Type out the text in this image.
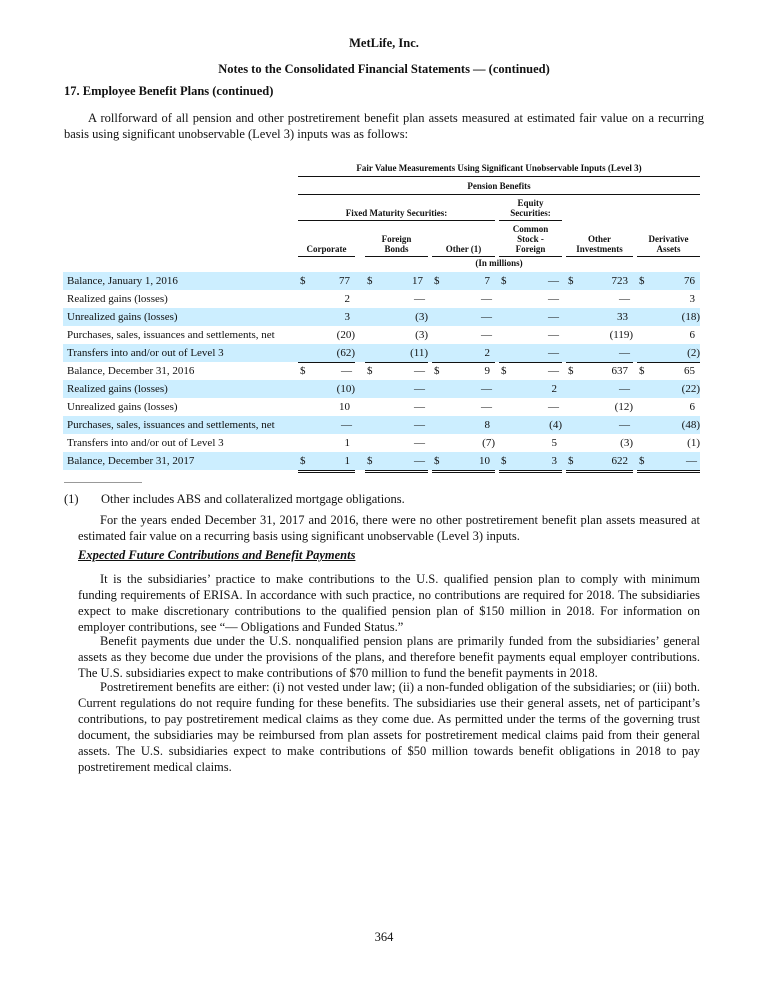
MetLife, Inc.
Notes to the Consolidated Financial Statements — (continued)
17. Employee Benefit Plans (continued)
A rollforward of all pension and other postretirement benefit plan assets measured at estimated fair value on a recurring basis using significant unobservable (Level 3) inputs was as follows:
Fair Value Measurements Using Significant Unobservable Inputs (Level 3)
Pension Benefits
Fixed Maturity Securities:
Equity
Securities:
Corporate
Foreign
Bonds	Other (1)
Common
Stock -
Foreign
Other
Investments
Derivative
Assets
(In millions)
Balance, January 1, 2016	$	77 $	17 $	7 $	— $	723 $	76
Realized gains (losses)	2	—	—	—	—	3
Unrealized gains (losses)	3	(3)	—	—	33	(18)
Purchases, sales, issuances and settlements, net	(20)	(3)	—	—	(119)	6
Transfers into and/or out of Level 3	(62)	(11)	2	—	—	(2)
Balance, December 31, 2016	$	— $	— $	9 $	— $	637 $	65
Realized gains (losses)	(10)	—	—	2	—	(22)
Unrealized gains (losses)	10	—	—	—	(12)	6
Purchases, sales, issuances and settlements, net	—	—	8	(4)	—	(48)
Transfers into and/or out of Level 3	1	—	(7)	5	(3)	(1)
Balance, December 31, 2017	$	1 $	— $	10 $	3 $	622 $	—
(1) Other includes ABS and collateralized mortgage obligations.
For the years ended December 31, 2017 and 2016, there were no other postretirement benefit plan assets measured at estimated fair value on a recurring basis using significant unobservable (Level 3) inputs.
Expected Future Contributions and Benefit Payments
It is the subsidiaries’ practice to make contributions to the U.S. qualified pension plan to comply with minimum funding requirements of ERISA. In accordance with such practice, no contributions are required for 2018. The subsidiaries expect to make discretionary contributions to the qualified pension plan of $150 million in 2018. For information on employer contributions, see “— Obligations and Funded Status.”
Benefit payments due under the U.S. nonqualified pension plans are primarily funded from the subsidiaries’ general assets as they become due under the provisions of the plans, and therefore benefit payments equal employer contributions. The U.S. subsidiaries expect to make contributions of $70 million to fund the benefit payments in 2018.
Postretirement benefits are either: (i) not vested under law; (ii) a non-funded obligation of the subsidiaries; or (iii) both. Current regulations do not require funding for these benefits. The subsidiaries use their general assets, net of participant’s contributions, to pay postretirement medical claims as they come due. As permitted under the terms of the governing trust document, the subsidiaries may be reimbursed from plan assets for postretirement medical claims paid from their general assets. The U.S. subsidiaries expect to make contributions of $50 million towards benefit obligations in 2018 to pay postretirement medical claims.
364
